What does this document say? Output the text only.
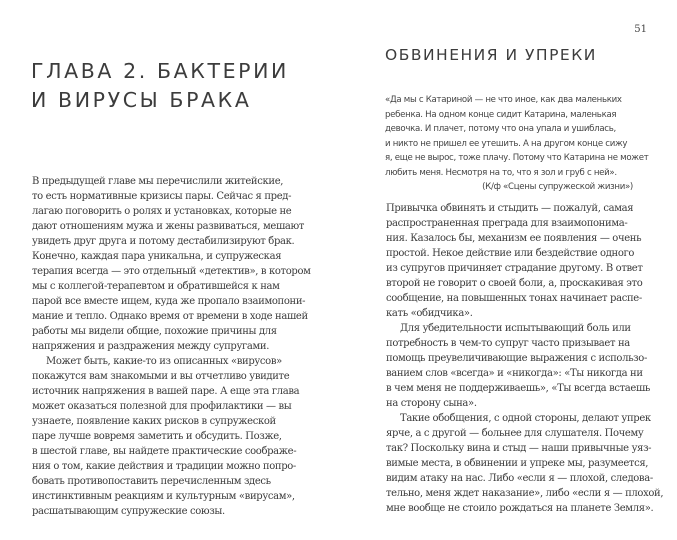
ГЛАВА 2. БАКТЕРИИ
И ВИРУСЫ БРАКА
В предыдущей главе мы перечислили житейские,
то есть нормативные кризисы пары. Сейчас я пред-
лагаю поговорить о ролях и установках, которые не
дают отношениям мужа и жены развиваться, мешают
увидеть друг друга и потому дестабилизируют брак.
Конечно, каждая пара уникальна, и супружеская
терапия всегда — это отдельный «детектив», в котором
мы с коллегой-терапевтом и обратившейся к нам
парой все вместе ищем, куда же пропало взаимопони-
мание и тепло. Однако время от времени в ходе нашей
работы мы видели общие, похожие причины для
напряжения и раздражения между супругами.
Может быть, какие-то из описанных «вирусов»
покажутся вам знакомыми и вы отчетливо увидите
источник напряжения в вашей паре. А еще эта глава
может оказаться полезной для профилактики — вы
узнаете, появление каких рисков в супружеской
паре лучше вовремя заметить и обсудить. Позже,
в шестой главе, вы найдете практические соображе-
ния о том, какие действия и традиции можно попро-
бовать противопоставить перечисленным здесь
инстинктивным реакциям и культурным «вирусам»,
расшатывающим супружеские союзы.
51
ОБВИНЕНИЯ И УПРЕКИ
«Да мы с Катариной — не что иное, как два маленьких
ребенка. На одном конце сидит Катарина, маленькая
девочка. И плачет, потому что она упала и ушиблась,
и никто не пришел ее утешить. А на другом конце сижу
я, еще не вырос, тоже плачу. Потому что Катарина не может
любить меня. Несмотря на то, что я зол и груб с ней».
(К/ф «Сцены супружеской жизни»)
Привычка обвинять и стыдить — пожалуй, самая
распространенная преграда для взаимопонима-
ния. Казалось бы, механизм ее появления — очень
простой. Некое действие или бездействие одного
из супругов причиняет страдание другому. В ответ
второй не говорит о своей боли, а, проскакивая это
сообщение, на повышенных тонах начинает распе-
кать «обидчика».
Для убедительности испытывающий боль или
потребность в чем-то супруг часто призывает на
помощь преувеличивающие выражения с использо-
ванием слов «всегда» и «никогда»: «Ты никогда ни
в чем меня не поддерживаешь», «Ты всегда встаешь
на сторону сына».
Такие обобщения, с одной стороны, делают упрек
ярче, а с другой — больнее для слушателя. Почему
так? Поскольку вина и стыд — наши привычные уяз-
вимые места, в обвинении и упреке мы, разумеется,
видим атаку на нас. Либо «если я — плохой, следова-
тельно, меня ждет наказание», либо «если я — плохой,
мне вообще не стоило рождаться на планете Земля».
